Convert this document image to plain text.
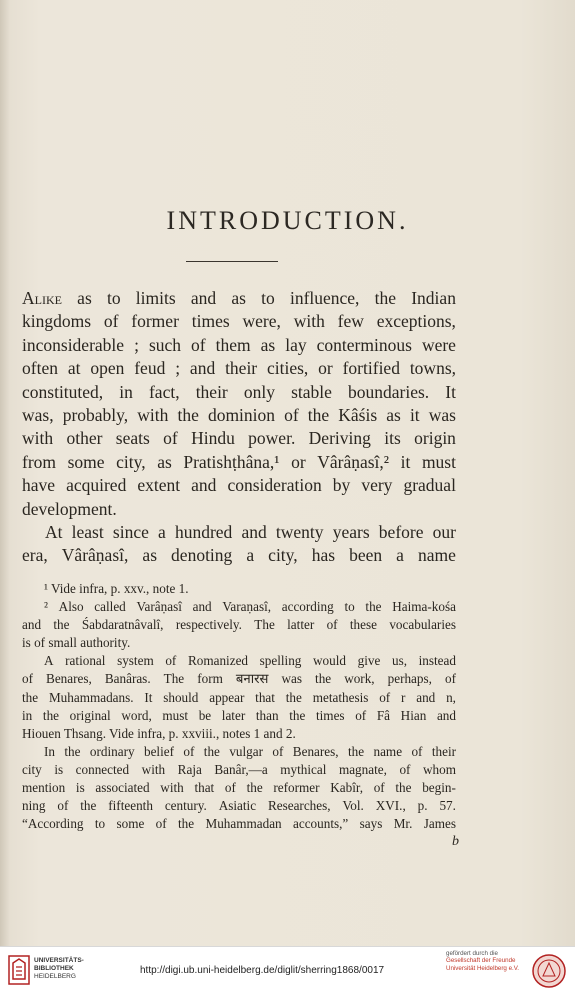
INTRODUCTION.
Alike as to limits and as to influence, the Indian
kingdoms of former times were, with few exceptions,
inconsiderable ; such of them as lay conterminous were
often at open feud ; and their cities, or fortified towns,
constituted, in fact, their only stable boundaries. It
was, probably, with the dominion of the Kâśis as it was
with other seats of Hindu power. Deriving its origin
from some city, as Pratishṭhâna,¹ or Vârâṇasî,² it must
have acquired extent and consideration by very gradual
development.
At least since a hundred and twenty years before our
era, Vârâṇasî, as denoting a city, has been a name
¹ Vide infra, p. xxv., note 1.
² Also called Varâṇasî and Varaṇasî, according to the Haima-kośa
and the Śabdaratnâvalî, respectively. The latter of these vocabularies
is of small authority.
A rational system of Romanized spelling would give us, instead
of Benares, Banâras. The form बनारस was the work, perhaps, of
the Muhammadans. It should appear that the metathesis of r and n,
in the original word, must be later than the times of Fâ Hian and
Hiouen Thsang. Vide infra, p. xxviii., notes 1 and 2.
In the ordinary belief of the vulgar of Benares, the name of their
city is connected with Raja Banâr,—a mythical magnate, of whom
mention is associated with that of the reformer Kabîr, of the begin-
ning of the fifteenth century. Asiatic Researches, Vol. XVI., p. 57.
“According to some of the Muhammadan accounts,” says Mr. James
b
UNIVERSITÄTS-
BIBLIOTHEK
HEIDELBERG
http://digi.ub.uni-heidelberg.de/diglit/sherring1868/0017
gefördert durch die
Gesellschaft der Freunde
Universität Heidelberg e.V.
